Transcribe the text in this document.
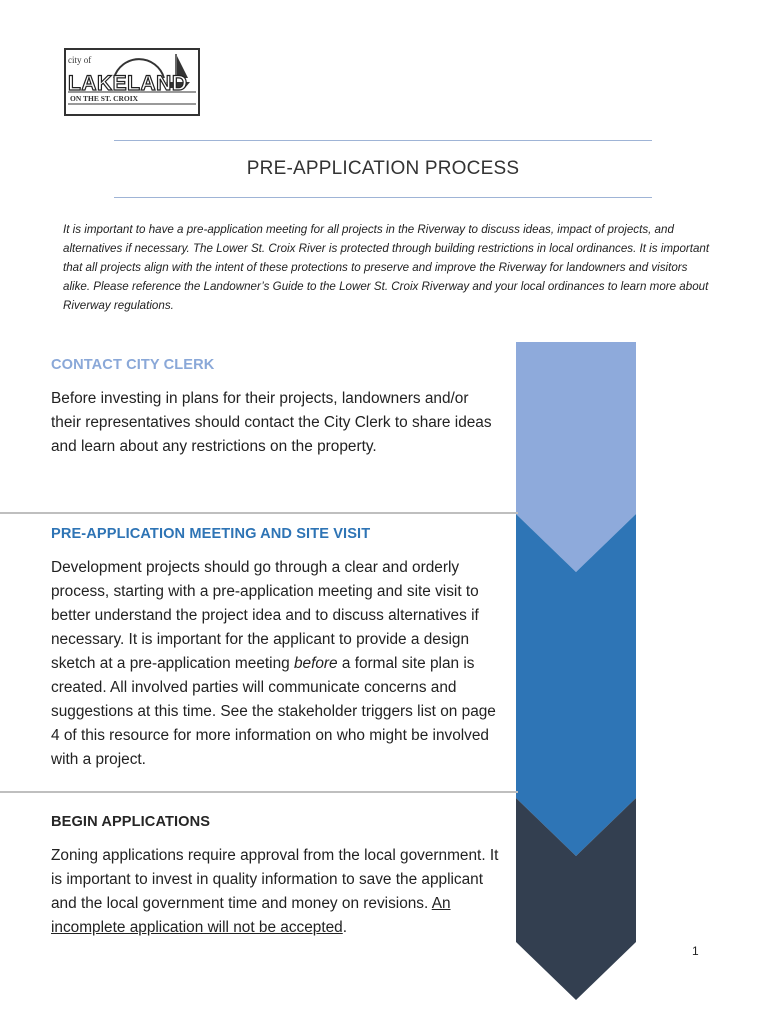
city of
LAKELAND
ON THE ST. CROIX
PRE-APPLICATION PROCESS
It is important to have a pre-application meeting for all projects in the Riverway to discuss ideas, impact of projects, and alternatives if necessary. The Lower St. Croix River is protected through building restrictions in local ordinances. It is important that all projects align with the intent of these protections to preserve and improve the Riverway for landowners and visitors alike. Please reference the Landowner’s Guide to the Lower St. Croix Riverway and your local ordinances to learn more about Riverway regulations.
CONTACT CITY CLERK

Before investing in plans for their projects, landowners and/or their representatives should contact the City Clerk to share ideas and learn about any restrictions on the property.

PRE-APPLICATION MEETING AND SITE VISIT

Development projects should go through a clear and orderly process, starting with a pre-application meeting and site visit to better understand the project idea and to discuss alternatives if necessary. It is important for the applicant to provide a design sketch at a pre-application meeting before a formal site plan is created. All involved parties will communicate concerns and suggestions at this time. See the stakeholder triggers list on page 4 of this resource for more information on who might be involved with a project.

BEGIN APPLICATIONS

Zoning applications require approval from the local government. It is important to invest in quality information to save the applicant and the local government time and money on revisions. An incomplete application will not be accepted.

1
